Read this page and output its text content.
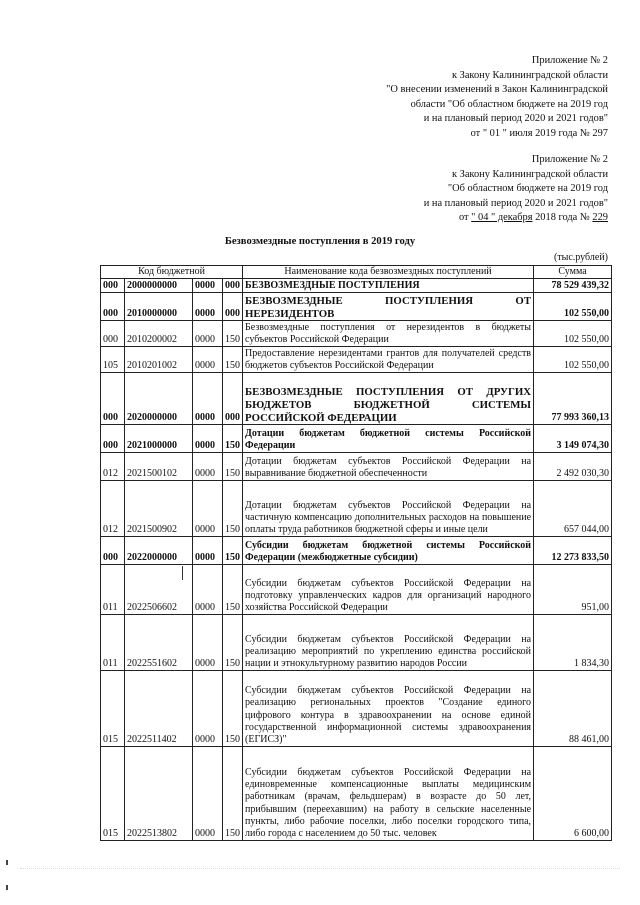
Приложение № 2
к Закону Калининградской области
"О внесении изменений в Закон Калининградской
области "Об областном бюджете на 2019 год
и на плановый период 2020 и 2021 годов"
от " 01 " июля 2019 года № 297
Приложение № 2
к Закону Калининградской области
"Об областном бюджете на 2019 год
и на плановый период 2020 и 2021 годов"
от " 04 " декабря 2018 года № 229
Безвозмездные поступления в 2019 году
(тыс.рублей)
Код бюджетной				Наименование кода безвозмездных поступлений	Сумма
000	2000000000	0000	000	БЕЗВОЗМЕЗДНЫЕ ПОСТУПЛЕНИЯ	78 529 439,32
000	2010000000	0000	000	БЕЗВОЗМЕЗДНЫЕ ПОСТУПЛЕНИЯ ОТ НЕРЕЗИДЕНТОВ	102 550,00
000	2010200002	0000	150	Безвозмездные поступления от нерезидентов в бюджеты субъектов Российской Федерации	102 550,00
105	2010201002	0000	150	Предоставление нерезидентами грантов для получателей средств бюджетов субъектов Российской Федерации	102 550,00
000	2020000000	0000	000	БЕЗВОЗМЕЗДНЫЕ ПОСТУПЛЕНИЯ ОТ ДРУГИХ БЮДЖЕТОВ БЮДЖЕТНОЙ СИСТЕМЫ РОССИЙСКОЙ ФЕДЕРАЦИИ	77 993 360,13
000	2021000000	0000	150	Дотации бюджетам бюджетной системы Российской Федерации	3 149 074,30
012	2021500102	0000	150	Дотации бюджетам субъектов Российской Федерации на выравнивание бюджетной обеспеченности	2 492 030,30
012	2021500902	0000	150	Дотации бюджетам субъектов Российской Федерации на частичную компенсацию дополнительных расходов на повышение оплаты труда работников бюджетной сферы и иные цели	657 044,00
000	2022000000	0000	150	Субсидии бюджетам бюджетной системы Российской Федерации (межбюджетные субсидии)	12 273 833,50
011	2022506602	0000	150	Субсидии бюджетам субъектов Российской Федерации на подготовку управленческих кадров для организаций народного хозяйства Российской Федерации	951,00
011	2022551602	0000	150	Субсидии бюджетам субъектов Российской Федерации на реализацию мероприятий по укреплению единства российской нации и этнокультурному развитию народов России	1 834,30
015	2022511402	0000	150	Субсидии бюджетам субъектов Российской Федерации на реализацию региональных проектов "Создание единого цифрового контура в здравоохранении на основе единой государственной информационной системы здравоохранения (ЕГИСЗ)"	88 461,00
015	2022513802	0000	150	Субсидии бюджетам субъектов Российской Федерации на единовременные компенсационные выплаты медицинским работникам (врачам, фельдшерам) в возрасте до 50 лет, прибывшим (переехавшим) на работу в сельские населенные пункты, либо рабочие поселки, либо поселки городского типа, либо города с населением до 50 тыс. человек	6 600,00
